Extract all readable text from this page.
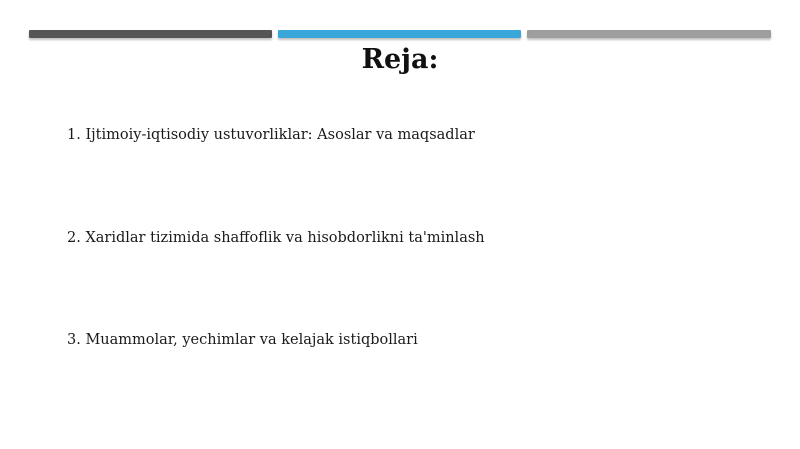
Reja:
1. Ijtimoiy-iqtisodiy ustuvorliklar: Asoslar va maqsadlar
2. Xaridlar tizimida shaffoflik va hisobdorlikni ta'minlash
3. Muammolar, yechimlar va kelajak istiqbollari
